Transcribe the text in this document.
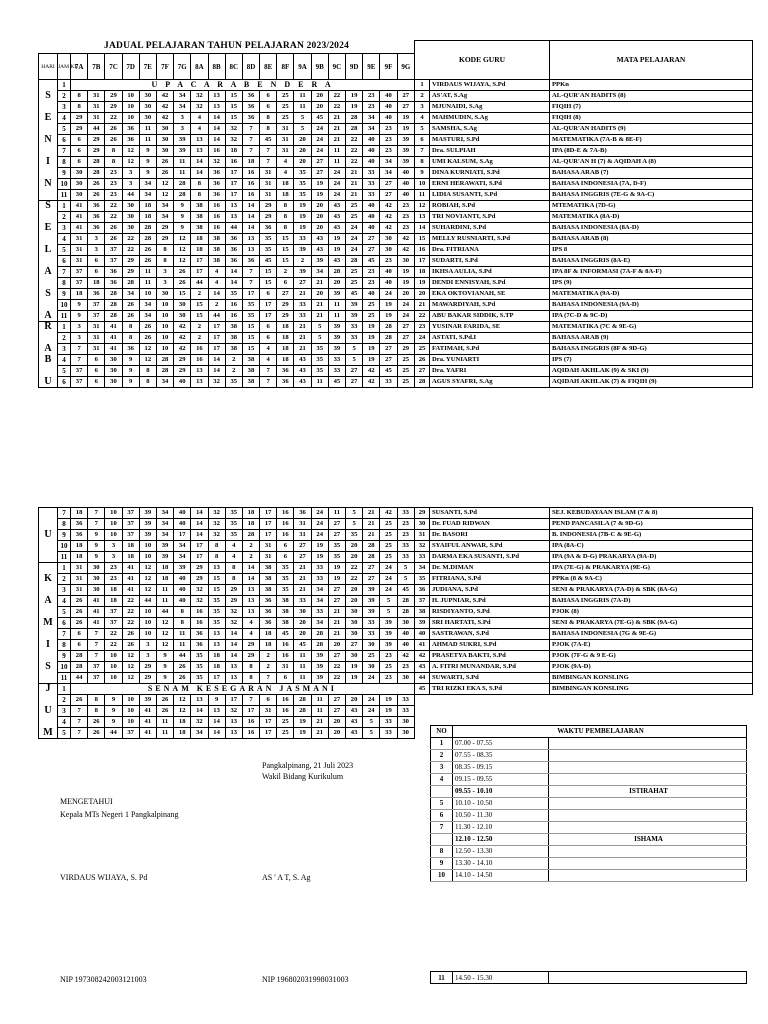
JADUAL PELAJARAN TAHUN PELAJARAN 2023/2024																					
HARI	JAM KE	7A	7B	7C	7D	7E	7F	7G	8A	8B	8C	8D	8E	8F	9A	9B	9C	9D	9E	9F	9G
	1	U P A C A R A B E N D E R A																			
S	2	8	31	29	10	30	42	34	32	13	15	36	6	25	11	20	22	19	23	40	27
	3	8	31	29	10	30	42	34	32	13	15	36	6	25	11	20	22	19	23	40	27
E	4	29	31	22	10	30	42	3	4	14	15	36	8	25	5	45	21	28	34	40	19
	5	29	44	26	36	11	30	3	4	14	32	7	8	31	5	24	21	28	34	23	19
N	6	6	29	26	36	11	30	39	13	14	32	7	45	31	20	24	21	22	40	23	39
	7	6	29	8	12	9	30	39	13	16	18	7	7	31	20	24	11	22	40	23	39
I	8	6	28	8	12	9	26	11	14	32	16	18	7	4	20	27	11	22	40	34	39
	9	30	28	23	3	9	26	11	14	36	17	16	31	4	35	27	24	21	33	34	40
N	10	30	26	23	3	34	12	28	8	36	17	16	31	18	35	19	24	21	33	27	40
	11	30	26	23	44	34	12	28	8	36	17	16	31	18	35	19	24	21	33	27	40
S	1	41	36	22	30	18	34	9	38	16	13	14	29	8	19	20	43	25	40	42	23
	2	41	36	22	30	18	34	9	38	16	13	14	29	8	19	20	43	25	40	42	23
E	3	41	36	26	30	28	29	9	38	16	44	14	36	8	19	20	43	24	40	42	23
	4	31	3	26	22	28	29	12	18	38	36	13	35	15	33	43	19	24	27	30	42
L	5	31	3	37	22	26	8	12	18	38	36	13	35	15	39	43	19	24	27	30	42
	6	31	6	37	29	26	8	12	17	38	36	36	45	15	2	39	43	28	45	23	30
A	7	37	6	36	29	11	3	26	17	4	14	7	15	2	39	34	28	25	23	40	19
	8	37	18	36	28	11	3	26	44	4	14	7	15	6	27	21	20	25	23	40	19
S	9	18	36	28	34	10	30	15	2	14	35	17	6	27	21	20	39	45	40	24	20
	10	9	37	28	26	34	10	30	15	2	16	35	17	29	33	21	11	39	25	19	24
A	11	9	37	28	26	34	10	30	15	44	16	35	17	29	33	21	11	39	25	19	24
R	1	3	31	41	8	26	10	42	2	17	38	15	6	18	21	5	39	33	19	28	27
	2	3	31	41	8	26	10	42	2	17	38	15	6	18	21	5	39	33	19	28	27
A	3	7	31	41	36	12	10	42	16	17	38	15	4	18	21	35	39	5	19	27	29
B	4	7	6	30	9	12	28	29	16	14	2	38	4	18	43	35	33	5	19	27	25
	5	37	6	30	9	8	28	29	13	14	2	38	7	36	43	35	33	27	42	45	25
U	6	37	6	30	9	8	34	40	13	32	35	38	7	36	43	11	45	27	42	33	25
	7	18	7	10	37	39	34	40	14	32	35	18	17	16	36	24	11	5	21	42	33
	8	36	7	10	37	39	34	40	14	32	35	18	17	16	31	24	27	5	21	25	23
U	9	36	9	10	37	39	34	17	14	32	35	28	17	16	31	24	27	35	21	25	23
	10	18	9	3	18	10	39	34	17	8	4	2	31	6	27	19	35	20	28	25	33
	11	18	9	3	18	10	39	34	17	8	4	2	31	6	27	19	35	20	28	25	33
	1	31	30	23	41	12	18	39	29	13	8	14	38	35	21	33	19	22	27	24	5
K	2	31	30	23	41	12	18	40	29	15	8	14	38	35	21	33	19	22	27	24	5
	3	31	30	18	41	12	11	40	32	15	29	13	38	35	21	34	27	20	39	24	45
A	4	26	41	18	22	44	11	40	32	35	29	13	36	38	33	34	27	20	39	5	28
	5	26	41	37	22	10	44	8	16	35	32	13	36	38	30	33	21	30	39	5	28
M	6	26	41	37	22	10	12	8	16	35	32	4	36	38	20	34	21	30	33	39	30
	7	6	7	22	26	10	12	11	36	13	14	4	18	45	20	28	21	30	33	39	40
I	8	6	7	22	26	3	12	11	36	13	14	29	18	16	45	28	20	27	30	39	40
	9	28	7	10	12	3	9	44	35	18	14	29	2	16	11	39	27	30	25	23	42
S	10	28	37	10	12	29	9	26	35	18	13	8	2	31	11	39	22	19	30	25	23
	11	44	37	10	12	29	9	26	35	17	13	8	7	6	11	39	22	19	24	23	30
J	1	SENAM KESEGARAN JASMANI																			
	2	26	8	9	10	39	26	12	13	9	17	7	6	16	28	11	27	20	24	19	33
U	3	7	8	9	10	41	26	12	14	13	32	17	31	16	28	11	27	43	24	19	33
	4	7	26	9	10	41	11	18	32	14	13	16	17	25	19	21	20	43	5	33	30
M	5	7	26	44	37	41	11	18	34	14	13	16	17	25	19	21	20	43	5	33	30
KODE GURU		MATA PELAJARAN
1	VIRDAUS WIJAYA, S.Pd	PPKn
2	AS'AT, S.Ag	AL-QUR'AN HADITS (8)
3	MJUNAIDI, S.Ag	FIQIH (7)
4	MAHMUDIN, S.Ag	FIQIH (8)
5	SAMSHA, S.Ag	AL-QUR'AN HADITS (9)
6	MASTURI, S.Pd	MATEMATIKA (7A-B & 8E-F)
7	Dra. SULPIAH	IPA (8D-E & 7A-B)
8	UMI KALSUM, S.Ag	AL-QUR'AN H (7) & AQIDAH A (8)
9	DINA KURNIATI, S.Pd	BAHASA ARAB (7)
10	ERNI HERAWATI, S.Pd	BAHASA INDONESIA (7A, D-F)
11	LIDIA SUSANTI, S.Pd	BAHASA INGGRIS (7E-G & 9A-C)
12	ROBIAH, S.Pd	MTEMATIKA (7D-G)
13	TRI NOVIANTI, S.Pd	MATEMATIKA (8A-D)
14	SUHARDINI, S.Pd	BAHASA INDONESIA (8A-D)
15	MELLY RUSNIARTI, S.Pd	BAHASA ARAB (8)
16	Dra. FITRIANA	IPS 8
17	SUDARTI, S.Pd	BAHASA INGGRIS (8A-E)
18	IKHSA AULIA, S.Pd	IPA 8F & INFORMASI (7A-F & 8A-F)
19	DENDI ENNISYAH, S.Pd	IPS (9)
20	EKA OKTOVIANAH, SE	MATEMATIKA (9A-D)
21	MAWARDIYAH, S.Pd	BAHASA INDONESIA (9A-D)
22	ABU BAKAR SIDDIK, S.TP	IPA (7C-D & 9C-D)
23	YUSINAR FARIDA, SE	MATEMATIKA (7C & 9E-G)
24	ASTATI, S.Pd.I	BAHASA ARAB (9)
25	FATIMAH, S.Pd	BAHASA INGGRIS (8F & 9D-G)
26	Dra. YUNIARTI	IPS (7)
27	Dra. YAFRI	AQIDAH AKHLAK (9) & SKI (9)
28	AGUS SYAFRI, S.Ag	AQIDAH AKHLAK (7) & FIQIH (9)
29	SUSANTI, S.Pd	SEJ. KEBUDAYAAN ISLAM (7 & 8)
30	Dr. FUAD RIDWAN	PEND PANCASILA (7 & 9D-G)
31	Dr. BASORI	B. INDONESIA (7B-C & 9E-G)
32	SYAIFUL ANWAR, S.Pd	IPA (8A-C)
33	DARMA EKA SUSANTI, S.Pd	IPA (9A & D-G) PRAKARYA (9A-D)
34	Dr. M.DIMAN	IPA (7E-G) & PRAKARYA (9E-G)
35	FITRIANA, S.Pd	PPKn (8 & 9A-C)
36	JUDIANA, S.Pd	SENI & PRAKARYA (7A-D) & SBK (8A-G)
37	H. JUPNIAR, S.Pd	BAHASA INGGRIS (7A-D)
38	RISDIYANTO, S.Pd	PJOK (8)
39	SRI HARTATI, S.Pd	SENI & PRAKARYA (7E-G) & SBK (9A-G)
40	SASTRAWAN, S.Pd	BAHASA INDONESIA (7G & 9E-G)
41	AHMAD SUKRI, S.Pd	PJOK (7A-E)
42	PRASETYA BAKTI, S.Pd	PJOK (7F-G & 9 E-G)
43	A. FITRI MUNANDAR, S.Pd	PJOK (9A-D)
44	SUWARTI, S.Pd	BIMBINGAN KONSLING
45	TRI RIZKI EKA S, S.Pd	BIMBINGAN KONSLING
NO	WAKTU PEMBELAJARAN	
1	07.00 - 07.55	
2	07.55 - 08.35	
3	08.35 - 09.15	
4	09.15 - 09.55	
	09.55 - 10.10	ISTIRAHAT
5	10.10 - 10.50	
6	10.50 - 11.30	
7	11.30 - 12.10	
	12.10 - 12.50	ISHAMA
8	12.50 - 13.30	
9	13.30 - 14.10	
10	14.10 - 14.50	
11	14.50 - 15.30	
MENGETAHUI
Kepala MTs Negeri 1 Pangkalpinang
Pangkalpinang, 21 Juli 2023
Wakil Bidang Kurikulum
VIRDAUS WIJAYA, S. Pd	AS ' A T, S. Ag
NIP 197308242003121003	NIP 196802031998031003
